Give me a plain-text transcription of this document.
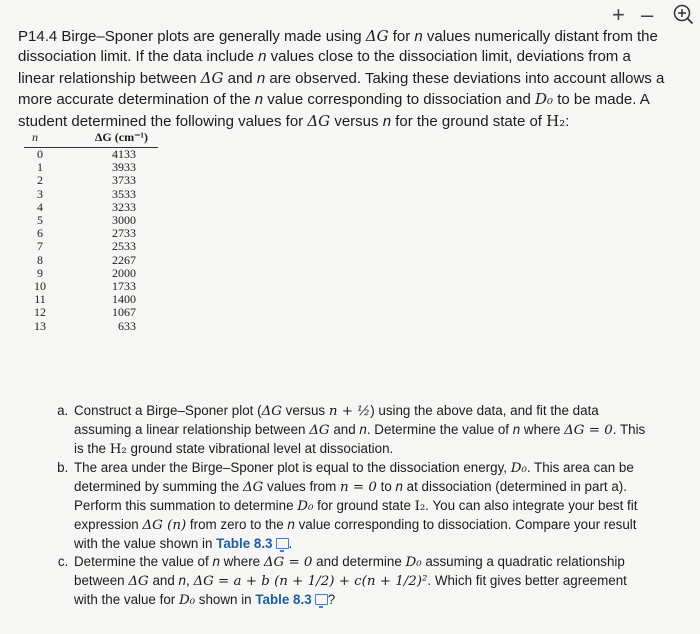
+ –
P14.4 Birge–Sponer plots are generally made using ΔG for n values numerically distant from the dissociation limit. If the data include n values close to the dissociation limit, deviations from a linear relationship between ΔG and n are observed. Taking these deviations into account allows a more accurate determination of the n value corresponding to dissociation and D₀ to be made. A student determined the following values for ΔG versus n for the ground state of H₂:
n	ΔG (cm⁻¹)
0	4133
1	3933
2	3733
3	3533
4	3233
5	3000
6	2733
7	2533
8	2267
9	2000
10	1733
11	1400
12	1067
13	633
a. Construct a Birge–Sponer plot (ΔG versus n + ½) using the above data, and fit the data assuming a linear relationship between ΔG and n. Determine the value of n where ΔG = 0. This is the H₂ ground state vibrational level at dissociation.
b. The area under the Birge–Sponer plot is equal to the dissociation energy, D₀. This area can be determined by summing the ΔG values from n = 0 to n at dissociation (determined in part a). Perform this summation to determine D₀ for ground state I₂. You can also integrate your best fit expression ΔG (n) from zero to the n value corresponding to dissociation. Compare your result with the value shown in Table 8.3 .
c. Determine the value of n where ΔG = 0 and determine D₀ assuming a quadratic relationship between ΔG and n, ΔG = a + b (n + 1/2) + c(n + 1/2)². Which fit gives better agreement with the value for D₀ shown in Table 8.3 ?
